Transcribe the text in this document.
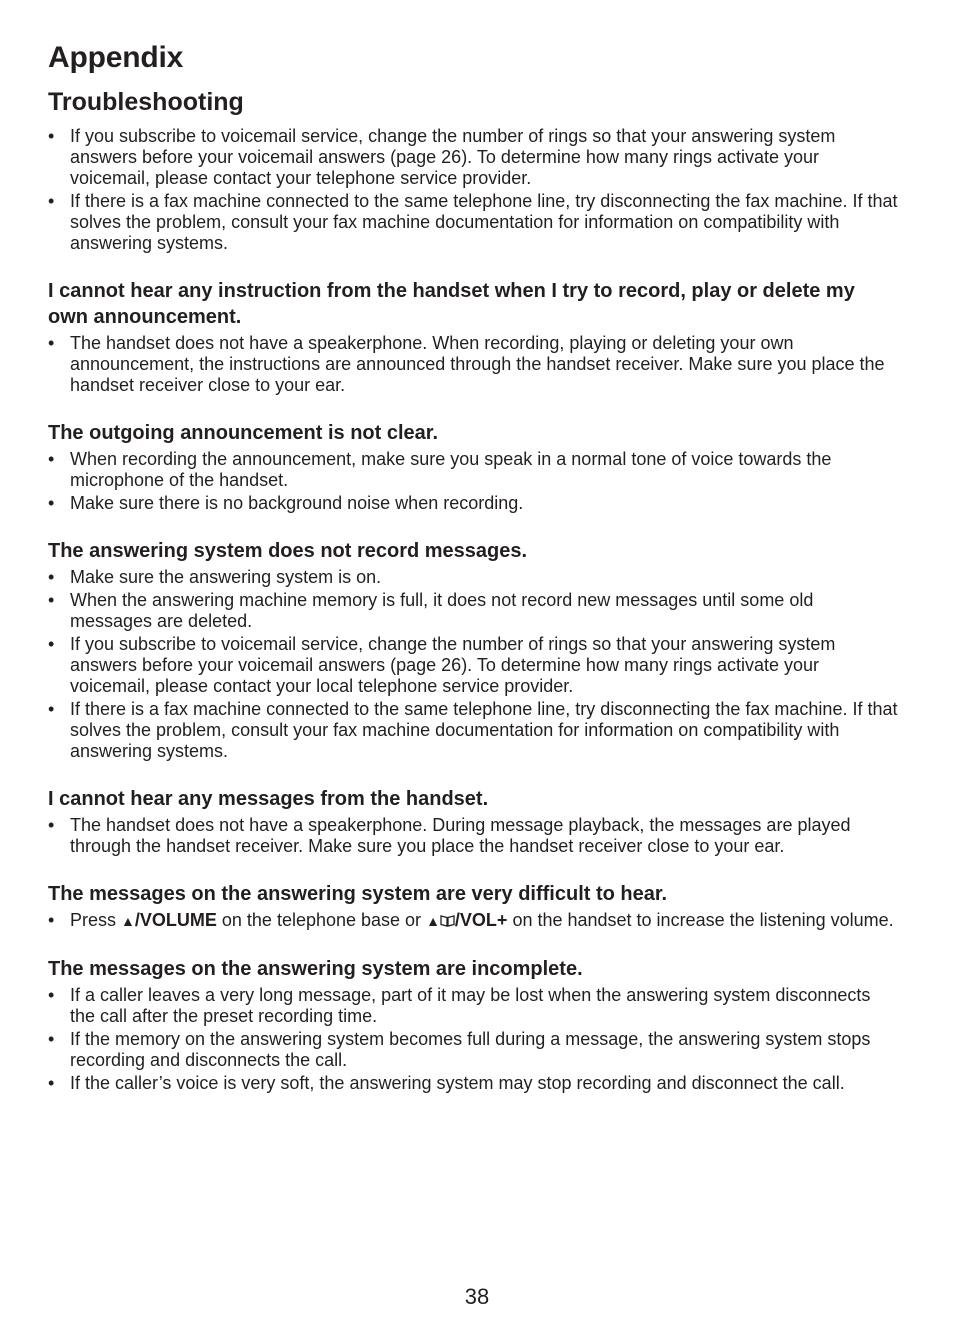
Appendix
Troubleshooting
• If you subscribe to voicemail service, change the number of rings so that your answering system answers before your voicemail answers (page 26). To determine how many rings activate your voicemail, please contact your telephone service provider.
• If there is a fax machine connected to the same telephone line, try disconnecting the fax machine. If that solves the problem, consult your fax machine documentation for information on compatibility with answering systems.

I cannot hear any instruction from the handset when I try to record, play or delete my own announcement.

• The handset does not have a speakerphone. When recording, playing or deleting your own announcement, the instructions are announced through the handset receiver. Make sure you place the handset receiver close to your ear.

The outgoing announcement is not clear.

• When recording the announcement, make sure you speak in a normal tone of voice towards the microphone of the handset.
• Make sure there is no background noise when recording.

The answering system does not record messages.

• Make sure the answering system is on.
• When the answering machine memory is full, it does not record new messages until some old messages are deleted.
• If you subscribe to voicemail service, change the number of rings so that your answering system answers before your voicemail answers (page 26). To determine how many rings activate your voicemail, please contact your local telephone service provider.
• If there is a fax machine connected to the same telephone line, try disconnecting the fax machine. If that solves the problem, consult your fax machine documentation for information on compatibility with answering systems.

I cannot hear any messages from the handset.

• The handset does not have a speakerphone. During message playback, the messages are played through the handset receiver. Make sure you place the handset receiver close to your ear.

The messages on the answering system are very difficult to hear.

• Press ▲/VOLUME on the telephone base or ▲ /VOL+ on the handset to increase the listening volume.

The messages on the answering system are incomplete.

• If a caller leaves a very long message, part of it may be lost when the answering system disconnects the call after the preset recording time.
• If the memory on the answering system becomes full during a message, the answering system stops recording and disconnects the call.
• If the caller’s voice is very soft, the answering system may stop recording and disconnect the call.
38
